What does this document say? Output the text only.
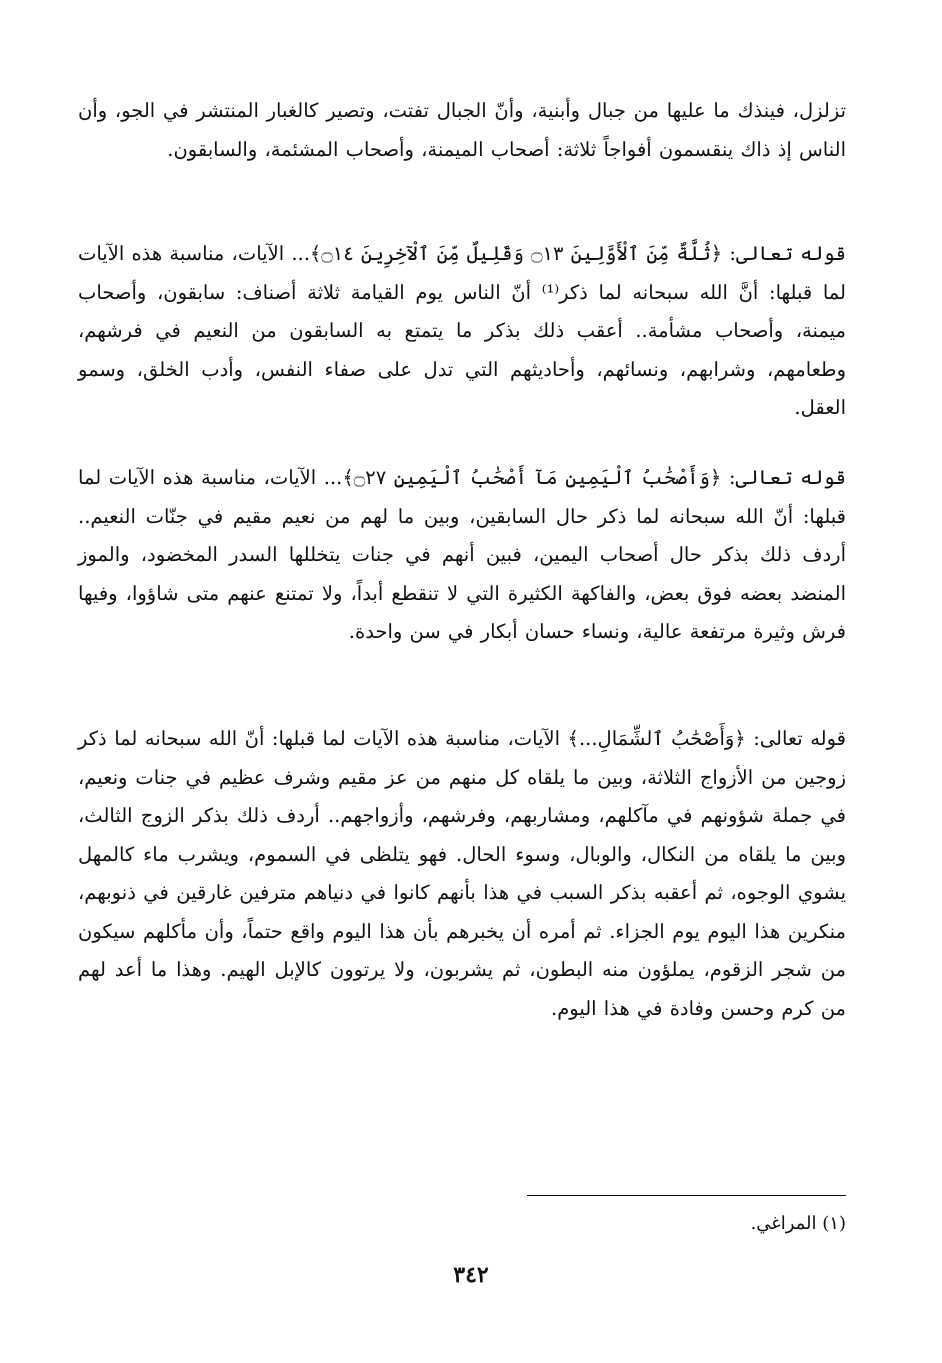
تزلزل، فينذك ما عليها من جبال وأبنية، وأنّ الجبال تفتت، وتصير كالغبار المنتشر في الجو، وأن الناس إذ ذاك ينقسمون أفواجاً ثلاثة: أصحاب الميمنة، وأصحاب المشئمة، والسابقون.

قوله تعالى: ﴿ثُلَّةٌ مِّنَ ٱلْأَوَّلِينَ ۝١٣ وَقَلِيلٌ مِّنَ ٱلْآخِرِينَ ۝١٤﴾... الآيات، مناسبة هذه الآيات لما قبلها: أنَّ الله سبحانه لما ذكر⁽¹⁾ أنّ الناس يوم القيامة ثلاثة أصناف: سابقون، وأصحاب ميمنة، وأصحاب مشأمة.. أعقب ذلك بذكر ما يتمتع به السابقون من النعيم في فرشهم، وطعامهم، وشرابهم، ونسائهم، وأحاديثهم التي تدل على صفاء النفس، وأدب الخلق، وسمو العقل.

قوله تعالى: ﴿وَأَصْحَٰبُ ٱلْيَمِينِ مَآ أَصْحَٰبُ ٱلْيَمِينِ ۝٢٧﴾... الآيات، مناسبة هذه الآيات لما قبلها: أنّ الله سبحانه لما ذكر حال السابقين، وبين ما لهم من نعيم مقيم في جنّات النعيم.. أردف ذلك بذكر حال أصحاب اليمين، فبين أنهم في جنات يتخللها السدر المخضود، والموز المنضد بعضه فوق بعض، والفاكهة الكثيرة التي لا تنقطع أبداً، ولا تمتنع عنهم متى شاؤوا، وفيها فرش وثيرة مرتفعة عالية، ونساء حسان أبكار في سن واحدة.

قوله تعالى: ﴿وَأَصْحَٰبُ ٱلشِّمَالِ...﴾ الآيات، مناسبة هذه الآيات لما قبلها: أنّ الله سبحانه لما ذكر زوجين من الأزواج الثلاثة، وبين ما يلقاه كل منهم من عز مقيم وشرف عظيم في جنات ونعيم، في جملة شؤونهم في مآكلهم، ومشاربهم، وفرشهم، وأزواجهم.. أردف ذلك بذكر الزوج الثالث، وبين ما يلقاه من النكال، والوبال، وسوء الحال. فهو يتلظى في السموم، ويشرب ماء كالمهل يشوي الوجوه، ثم أعقبه بذكر السبب في هذا بأنهم كانوا في دنياهم مترفين غارقين في ذنوبهم، منكرين هذا اليوم يوم الجزاء. ثم أمره أن يخبرهم بأن هذا اليوم واقع حتماً، وأن مأكلهم سيكون من شجر الزقوم، يملؤون منه البطون، ثم يشربون، ولا يرتوون كالإبل الهيم. وهذا ما أعد لهم من كرم وحسن وفادة في هذا اليوم.

(١) المراغي.

٣٤٢
